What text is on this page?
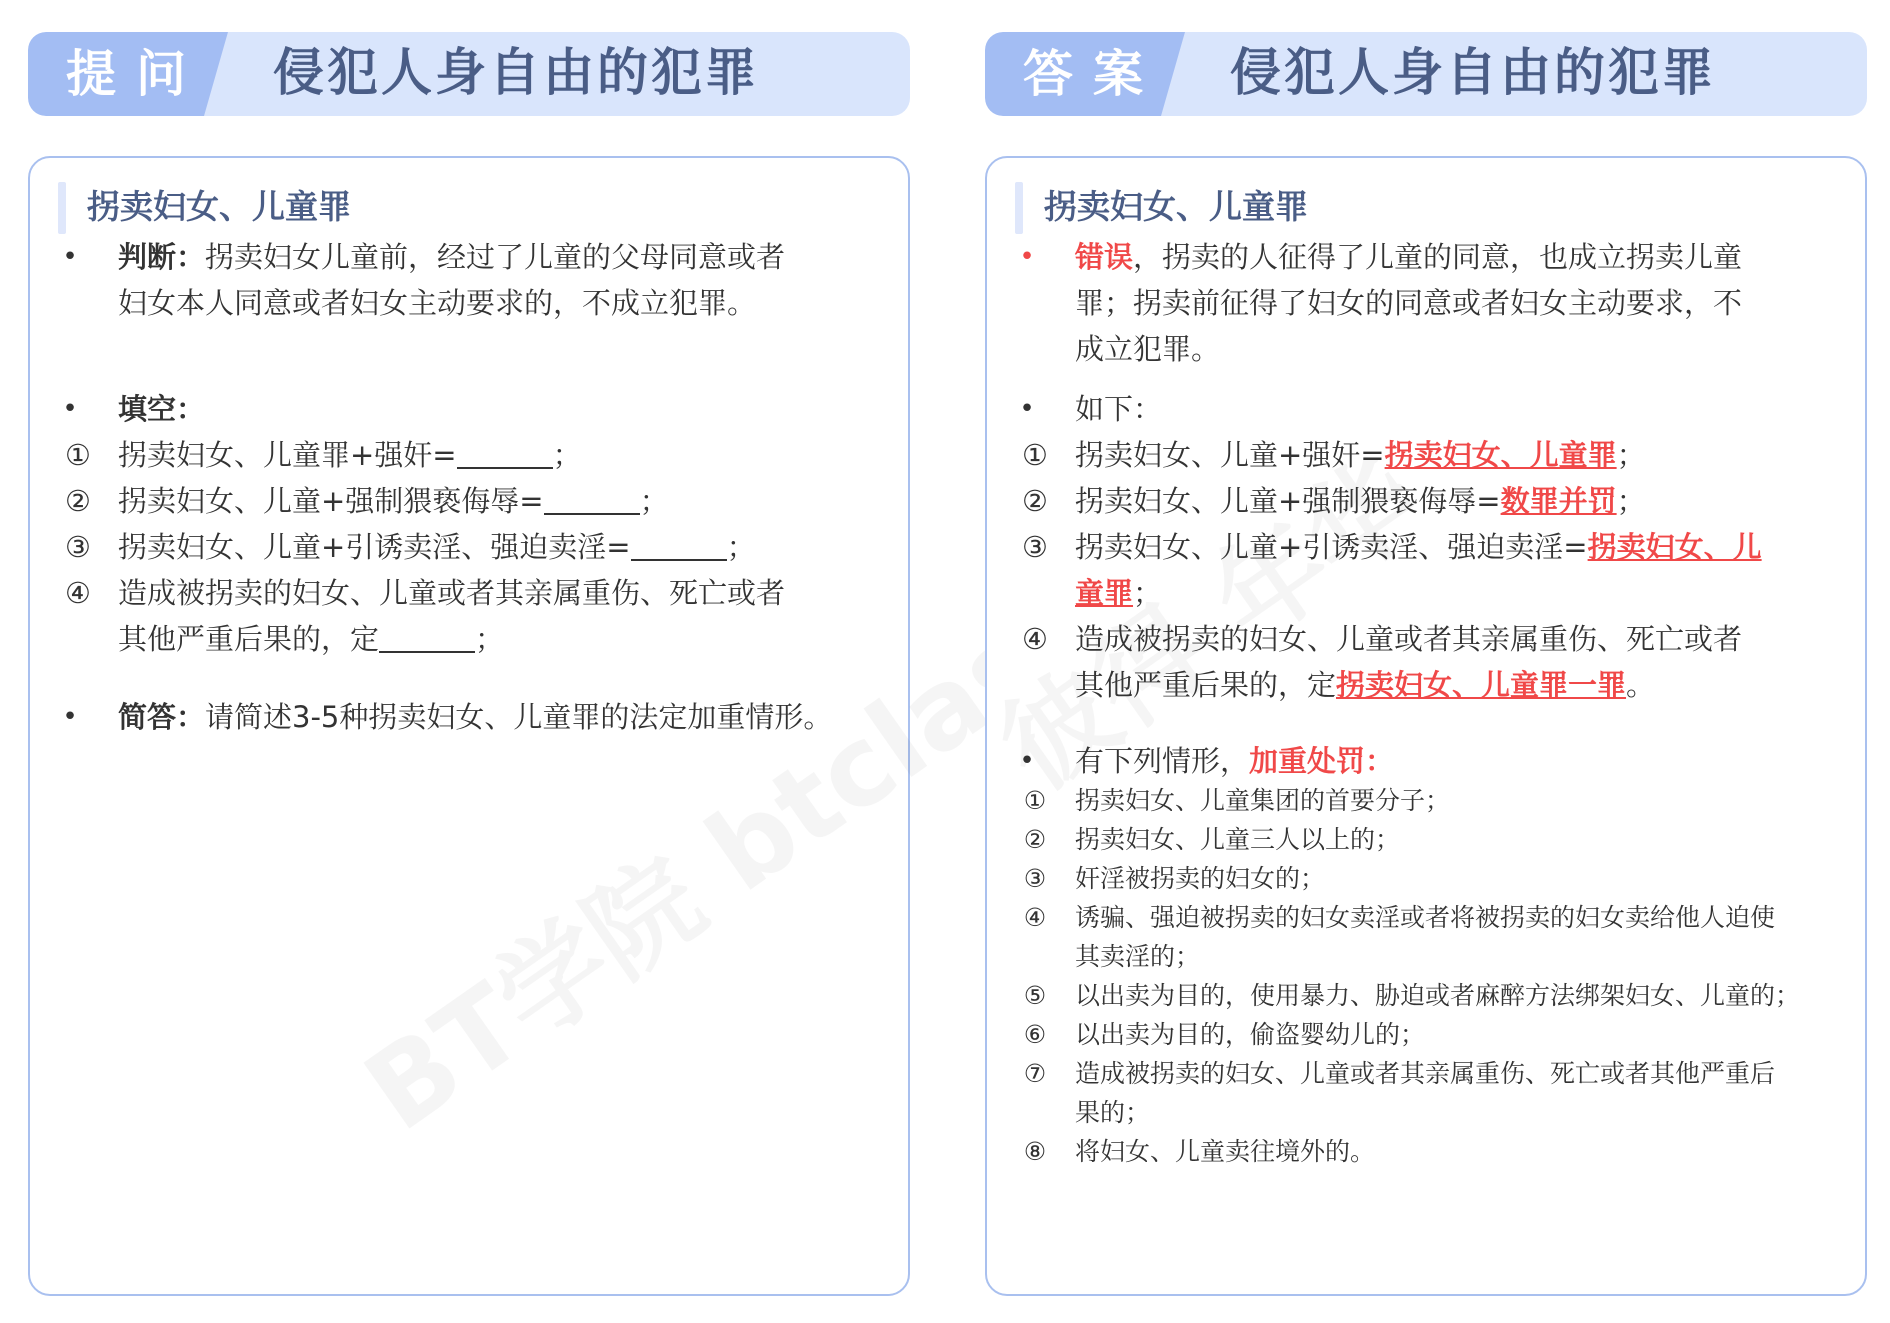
提问 侵犯人身自由的犯罪
拐卖妇女、儿童罪
• 判断：拐卖妇女儿童前，经过了儿童的父母同意或者
妇女本人同意或者妇女主动要求的，不成立犯罪。
• 填空：
① 拐卖妇女、儿童罪+强奸=	；
② 拐卖妇女、儿童+强制猥亵侮辱=	；
③ 拐卖妇女、儿童+引诱卖淫、强迫卖淫=	；
④ 造成被拐卖的妇女、儿童或者其亲属重伤、死亡或者
其他严重后果的，定	；
• 简答：请简述3-5种拐卖妇女、儿童罪的法定加重情形。
答案 侵犯人身自由的犯罪
拐卖妇女、儿童罪
• 错误，拐卖的人征得了儿童的同意，也成立拐卖儿童
罪；拐卖前征得了妇女的同意或者妇女主动要求，不
成立犯罪。
• 如下：
① 拐卖妇女、儿童+强奸=拐卖妇女、儿童罪；
② 拐卖妇女、儿童+强制猥亵侮辱=数罪并罚；
③ 拐卖妇女、儿童+引诱卖淫、强迫卖淫=拐卖妇女、儿
童罪；
④ 造成被拐卖的妇女、儿童或者其亲属重伤、死亡或者
其他严重后果的，定拐卖妇女、儿童罪一罪。
• 有下列情形，加重处罚：
① 拐卖妇女、儿童集团的首要分子；
② 拐卖妇女、儿童三人以上的；
③ 奸淫被拐卖的妇女的；
④ 诱骗、强迫被拐卖的妇女卖淫或者将被拐卖的妇女卖给他人迫使
其卖淫的；
⑤ 以出卖为目的，使用暴力、胁迫或者麻醉方法绑架妇女、儿童的；
⑥ 以出卖为目的，偷盗婴幼儿的；
⑦ 造成被拐卖的妇女、儿童或者其亲属重伤、死亡或者其他严重后
果的；
⑧ 将妇女、儿童卖往境外的。
